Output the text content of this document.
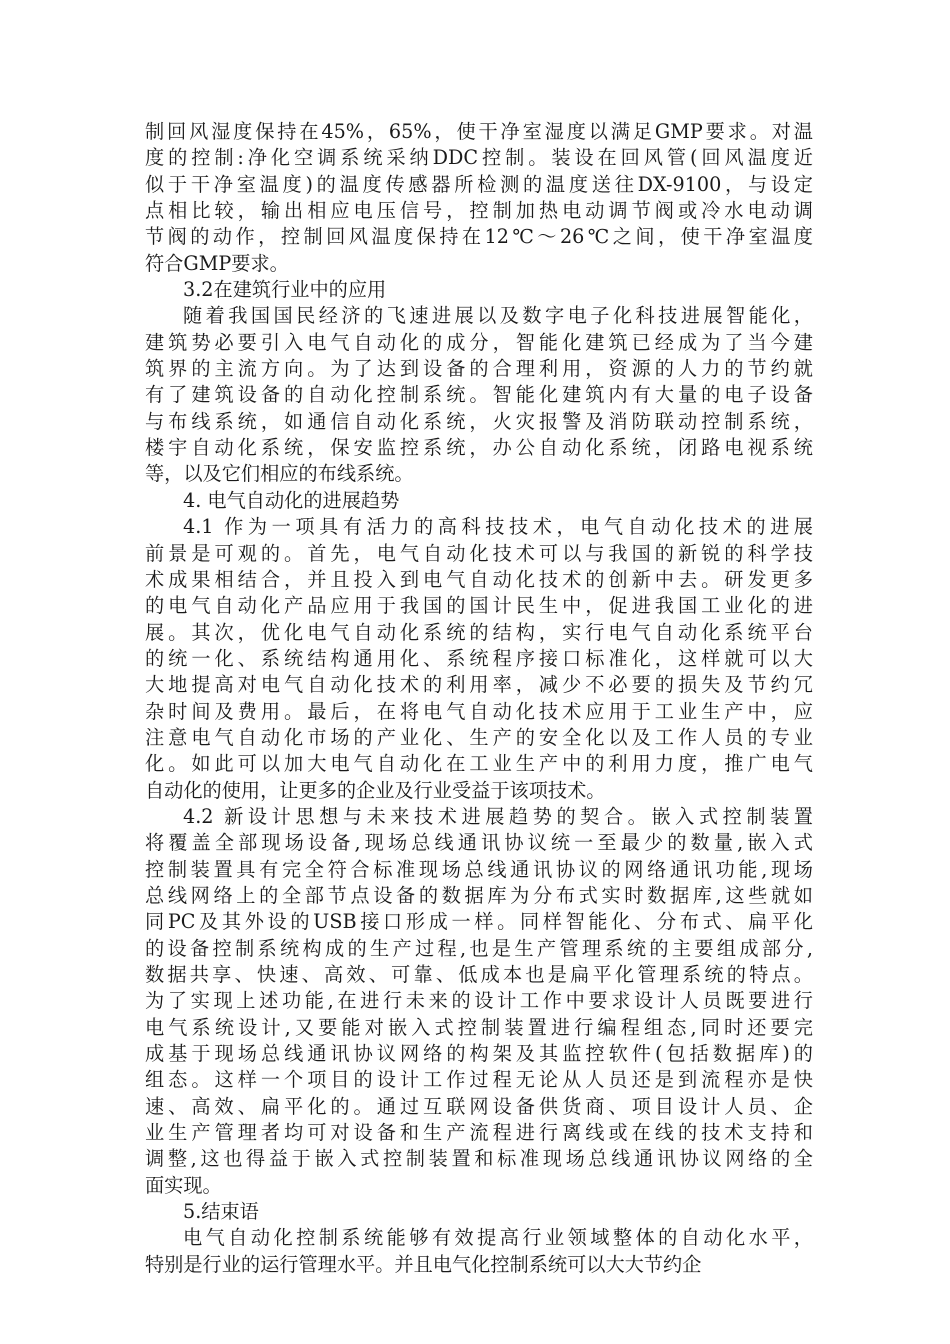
制回风湿度保持在45%，65%，使干净室湿度以满足GMP要求。对温
度的控制:净化空调系统采纳DDC控制。装设在回风管(回风温度近
似于干净室温度)的温度传感器所检测的温度送往DX-9100，与设定
点相比较，输出相应电压信号，控制加热电动调节阀或冷水电动调
节阀的动作，控制回风温度保持在12℃～26℃之间，使干净室温度
符合GMP要求。
3.2在建筑行业中的应用
随着我国国民经济的飞速进展以及数字电子化科技进展智能化，
建筑势必要引入电气自动化的成分，智能化建筑已经成为了当今建
筑界的主流方向。为了达到设备的合理利用，资源的人力的节约就
有了建筑设备的自动化控制系统。智能化建筑内有大量的电子设备
与布线系统，如通信自动化系统，火灾报警及消防联动控制系统，
楼宇自动化系统，保安监控系统，办公自动化系统，闭路电视系统
等，以及它们相应的布线系统。
4. 电气自动化的进展趋势
4.1 作为一项具有活力的高科技技术，电气自动化技术的进展
前景是可观的。首先，电气自动化技术可以与我国的新锐的科学技
术成果相结合，并且投入到电气自动化技术的创新中去。研发更多
的电气自动化产品应用于我国的国计民生中，促进我国工业化的进
展。其次，优化电气自动化系统的结构，实行电气自动化系统平台
的统一化、系统结构通用化、系统程序接口标准化，这样就可以大
大地提高对电气自动化技术的利用率，减少不必要的损失及节约冗
杂时间及费用。最后，在将电气自动化技术应用于工业生产中，应
注意电气自动化市场的产业化、生产的安全化以及工作人员的专业
化。如此可以加大电气自动化在工业生产中的利用力度，推广电气
自动化的使用，让更多的企业及行业受益于该项技术。
4.2 新设计思想与未来技术进展趋势的契合。嵌入式控制装置
将覆盖全部现场设备,现场总线通讯协议统一至最少的数量,嵌入式
控制装置具有完全符合标准现场总线通讯协议的网络通讯功能,现场
总线网络上的全部节点设备的数据库为分布式实时数据库,这些就如
同PC及其外设的USB接口形成一样。同样智能化、分布式、扁平化
的设备控制系统构成的生产过程,也是生产管理系统的主要组成部分,
数据共享、快速、高效、可靠、低成本也是扁平化管理系统的特点。
为了实现上述功能,在进行未来的设计工作中要求设计人员既要进行
电气系统设计,又要能对嵌入式控制装置进行编程组态,同时还要完
成基于现场总线通讯协议网络的构架及其监控软件(包括数据库)的
组态。这样一个项目的设计工作过程无论从人员还是到流程亦是快
速、高效、扁平化的。通过互联网设备供货商、项目设计人员、企
业生产管理者均可对设备和生产流程进行离线或在线的技术支持和
调整,这也得益于嵌入式控制装置和标准现场总线通讯协议网络的全
面实现。
5.结束语
电气自动化控制系统能够有效提高行业领域整体的自动化水平，
特别是行业的运行管理水平。并且电气化控制系统可以大大节约企
